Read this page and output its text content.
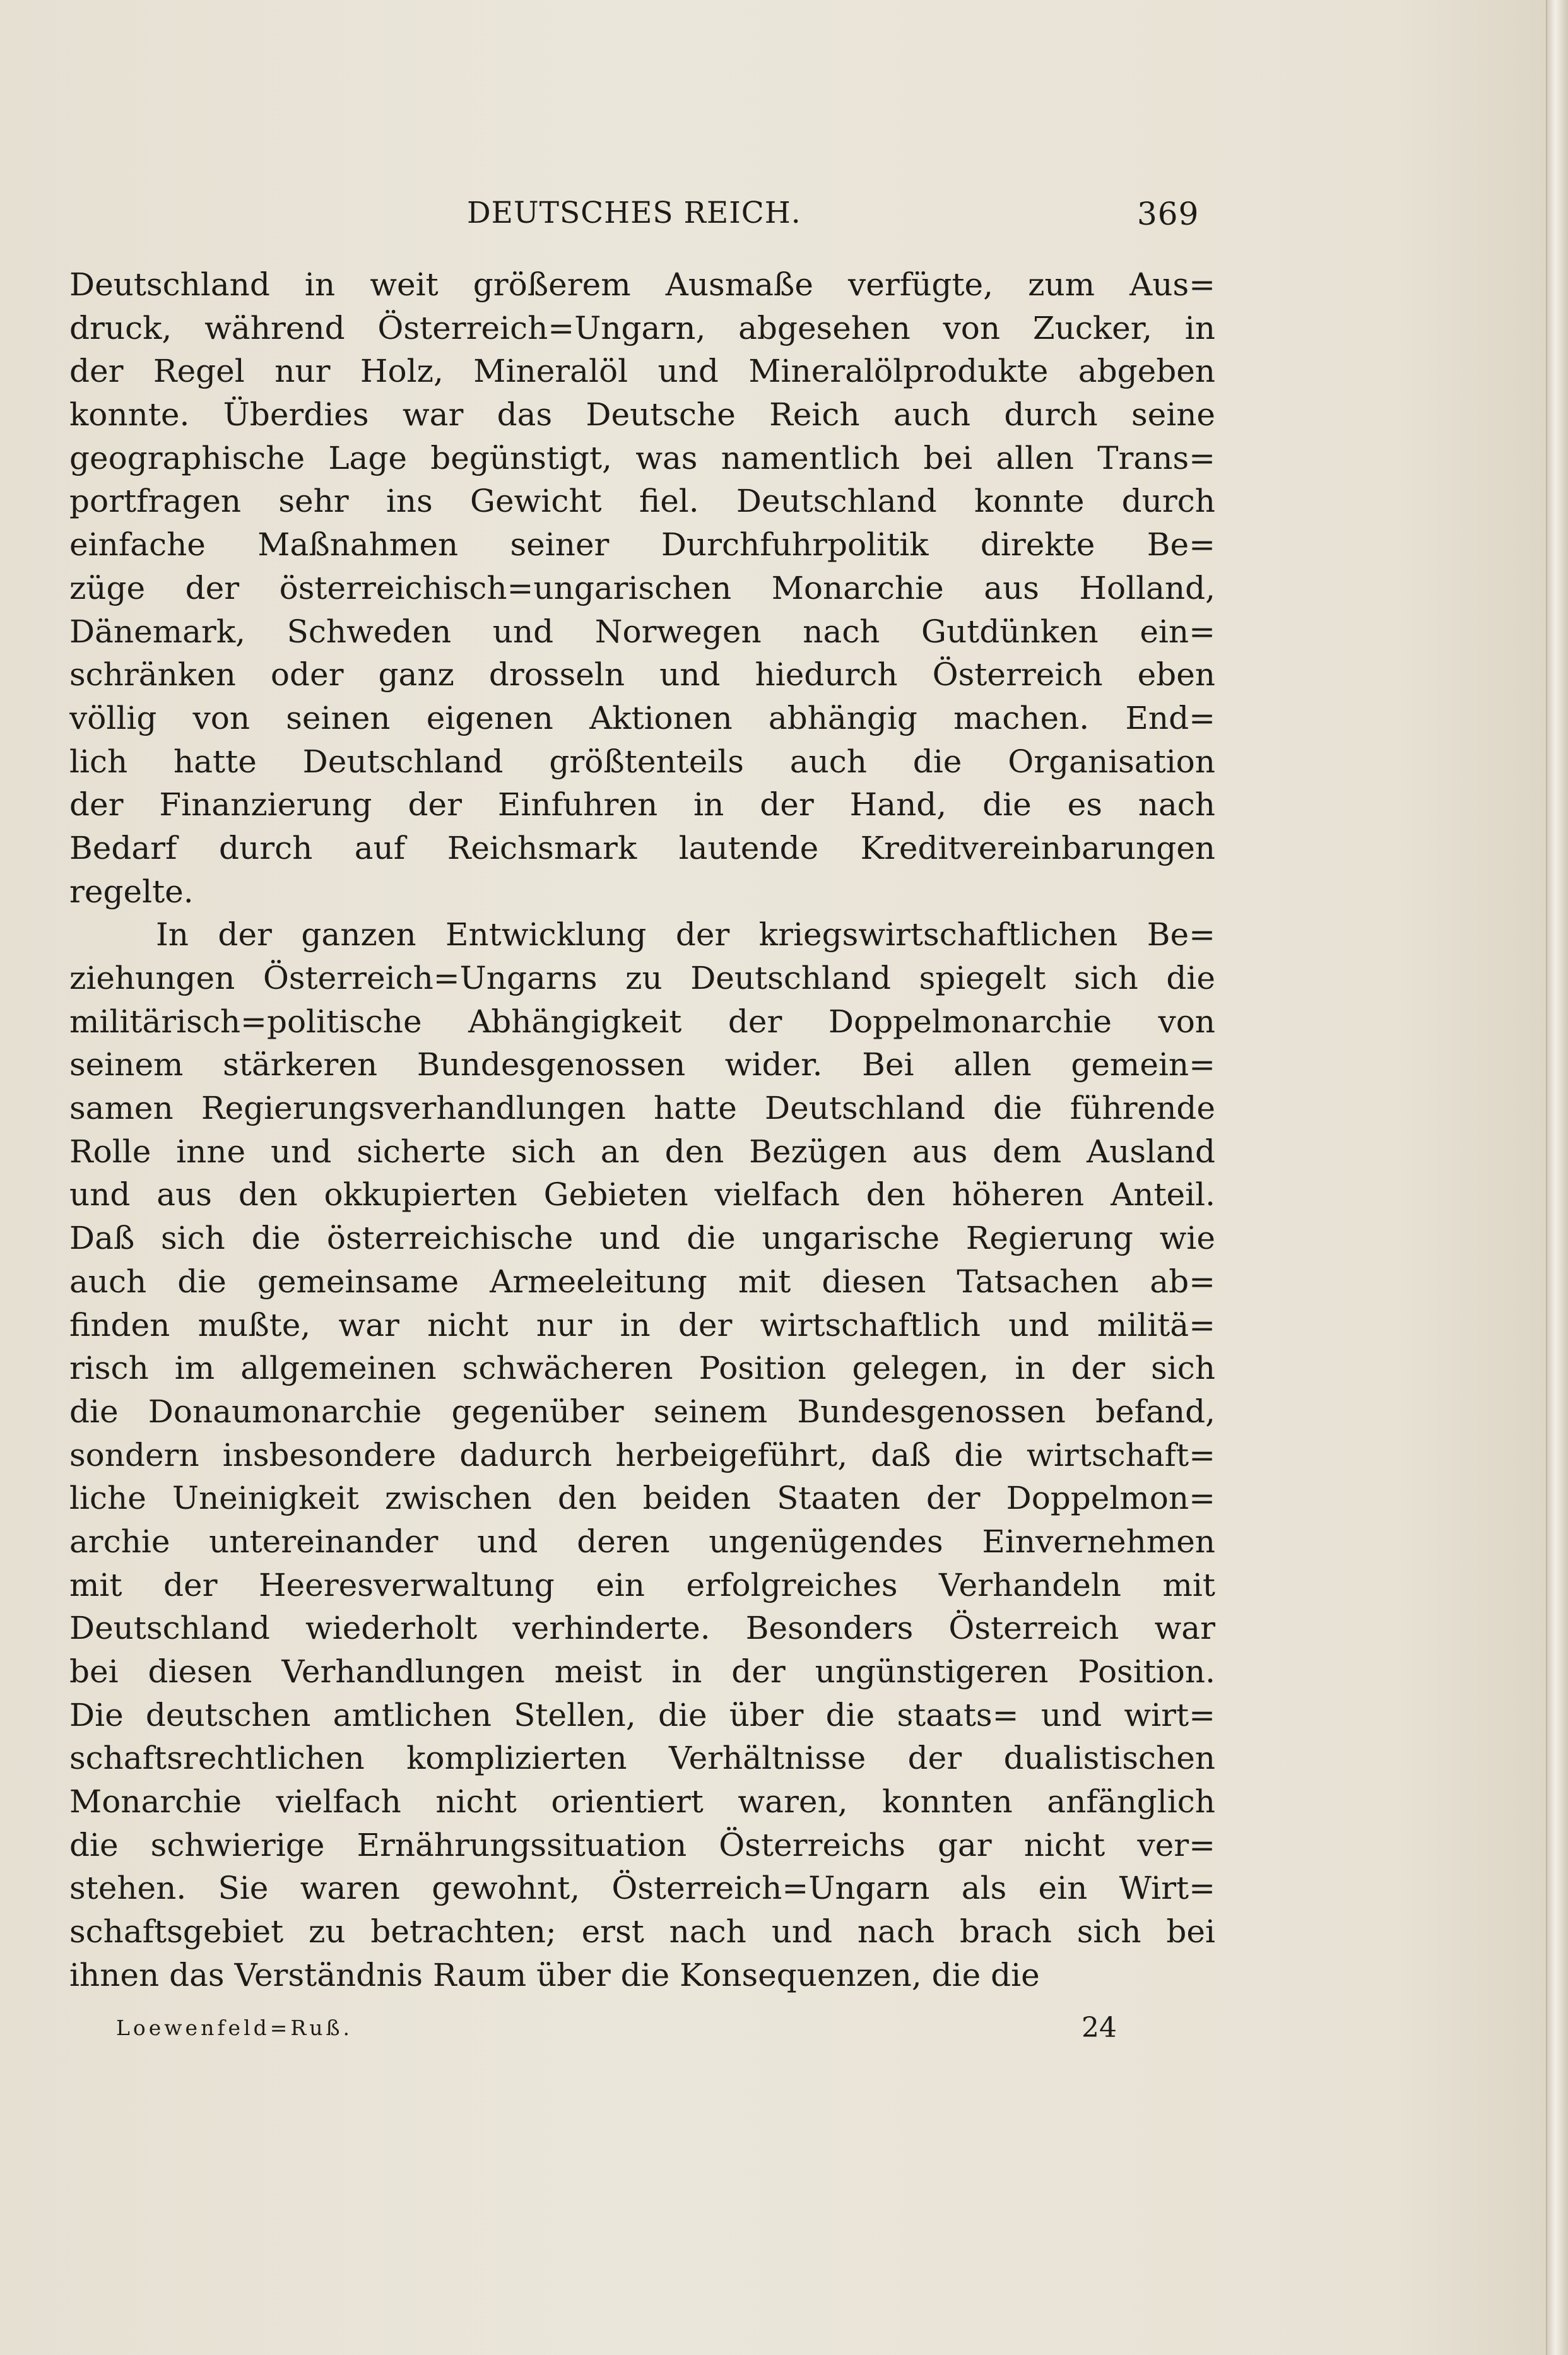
DEUTSCHES REICH.	369
Deutschland in weit größerem Ausmaße verfügte, zum Aus=
druck, während Österreich=Ungarn, abgesehen von Zucker, in
der Regel nur Holz, Mineralöl und Mineralölprodukte abgeben
konnte. Überdies war das Deutsche Reich auch durch seine
geographische Lage begünstigt, was namentlich bei allen Trans=
portfragen sehr ins Gewicht fiel. Deutschland konnte durch
einfache Maßnahmen seiner Durchfuhrpolitik direkte Be=
züge der österreichisch=ungarischen Monarchie aus Holland,
Dänemark, Schweden und Norwegen nach Gutdünken ein=
schränken oder ganz drosseln und hiedurch Österreich eben
völlig von seinen eigenen Aktionen abhängig machen. End=
lich hatte Deutschland größtenteils auch die Organisation
der Finanzierung der Einfuhren in der Hand, die es nach
Bedarf durch auf Reichsmark lautende Kreditvereinbarungen
regelte.
In der ganzen Entwicklung der kriegswirtschaftlichen Be=
ziehungen Österreich=Ungarns zu Deutschland spiegelt sich die
militärisch=politische Abhängigkeit der Doppelmonarchie von
seinem stärkeren Bundesgenossen wider. Bei allen gemein=
samen Regierungsverhandlungen hatte Deutschland die führende
Rolle inne und sicherte sich an den Bezügen aus dem Ausland
und aus den okkupierten Gebieten vielfach den höheren Anteil.
Daß sich die österreichische und die ungarische Regierung wie
auch die gemeinsame Armeeleitung mit diesen Tatsachen ab=
finden mußte, war nicht nur in der wirtschaftlich und militä=
risch im allgemeinen schwächeren Position gelegen, in der sich
die Donaumonarchie gegenüber seinem Bundesgenossen befand,
sondern insbesondere dadurch herbeigeführt, daß die wirtschaft=
liche Uneinigkeit zwischen den beiden Staaten der Doppelmon=
archie untereinander und deren ungenügendes Einvernehmen
mit der Heeresverwaltung ein erfolgreiches Verhandeln mit
Deutschland wiederholt verhinderte. Besonders Österreich war
bei diesen Verhandlungen meist in der ungünstigeren Position.
Die deutschen amtlichen Stellen, die über die staats= und wirt=
schaftsrechtlichen komplizierten Verhältnisse der dualistischen
Monarchie vielfach nicht orientiert waren, konnten anfänglich
die schwierige Ernährungssituation Österreichs gar nicht ver=
stehen. Sie waren gewohnt, Österreich=Ungarn als ein Wirt=
schaftsgebiet zu betrachten; erst nach und nach brach sich bei
ihnen das Verständnis Raum über die Konsequenzen, die die
Loewenfeld=Ruß.	24
